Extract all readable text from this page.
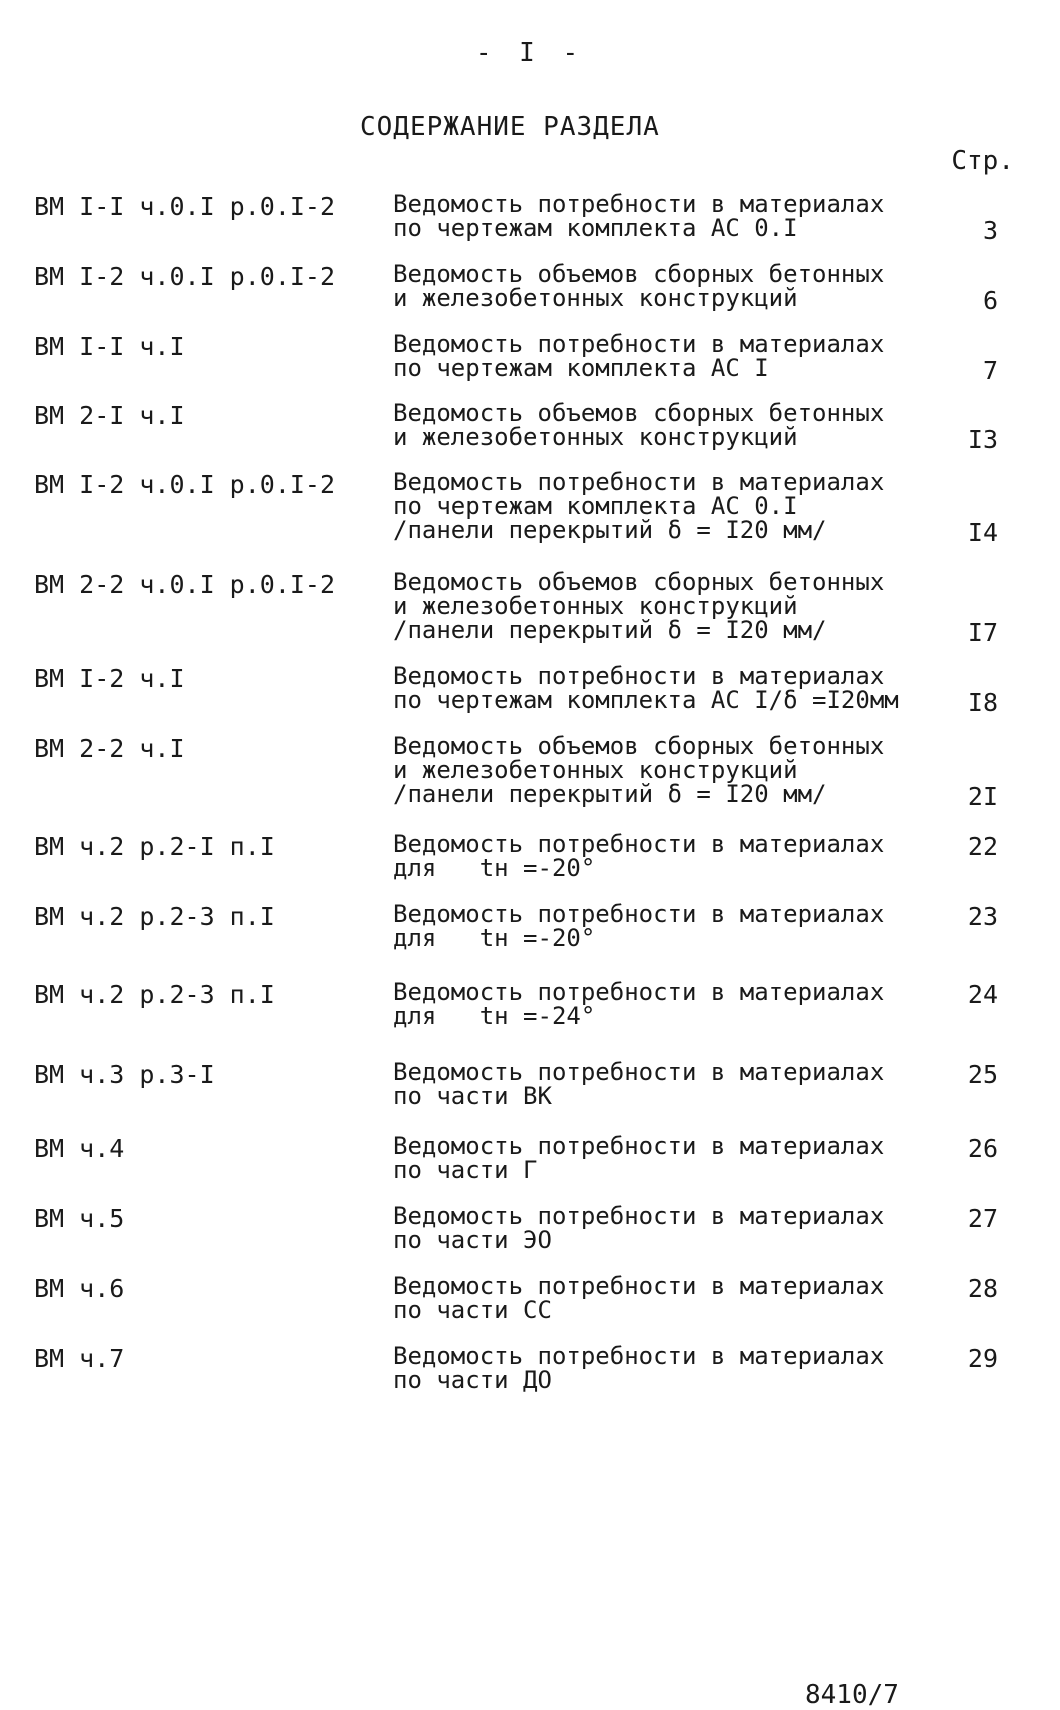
- I -
СОДЕРЖАНИЕ РАЗДЕЛА
Стр.
ВМ I-I ч.0.I р.0.I-2 Ведомость потребности в материалах
по чертежам комплекта АС 0.I	3
ВМ I-2 ч.0.I р.0.I-2 Ведомость объемов сборных бетонных
и железобетонных конструкций	6
ВМ I-I ч.I	Ведомость потребности в материалах
по чертежам комплекта АС I	7
ВМ 2-I ч.I	Ведомость объемов сборных бетонных
и железобетонных конструкций	I3
ВМ I-2 ч.0.I р.0.I-2 Ведомость потребности в материалах
по чертежам комплекта АС 0.I
/панели перекрытий δ = I20 мм/	I4
ВМ 2-2 ч.0.I р.0.I-2 Ведомость объемов сборных бетонных
и железобетонных конструкций
/панели перекрытий δ = I20 мм/	I7
ВМ I-2 ч.I	Ведомость потребности в материалах
по чертежам комплекта АС I/δ =I20мм	I8
ВМ 2-2 ч.I	Ведомость объемов сборных бетонных
и железобетонных конструкций
/панели перекрытий δ = I20 мм/	2I
ВМ ч.2 р.2-I п.I	Ведомость потребности в материалах
для   tн =-20°
22
ВМ ч.2 р.2-3 п.I	Ведомость потребности в материалах
для   tн =-20°
23
ВМ ч.2 р.2-3 п.I	Ведомость потребности в материалах
для   tн =-24°
24
ВМ ч.3 р.3-I	Ведомость потребности в материалах
по части ВК
25
ВМ ч.4	Ведомость потребности в материалах
по части Г
26
ВМ ч.5	Ведомость потребности в материалах
по части ЭО
27
ВМ ч.6	Ведомость потребности в материалах
по части СС
28
ВМ ч.7	Ведомость потребности в материалах
по части ДО
29
8410/7
